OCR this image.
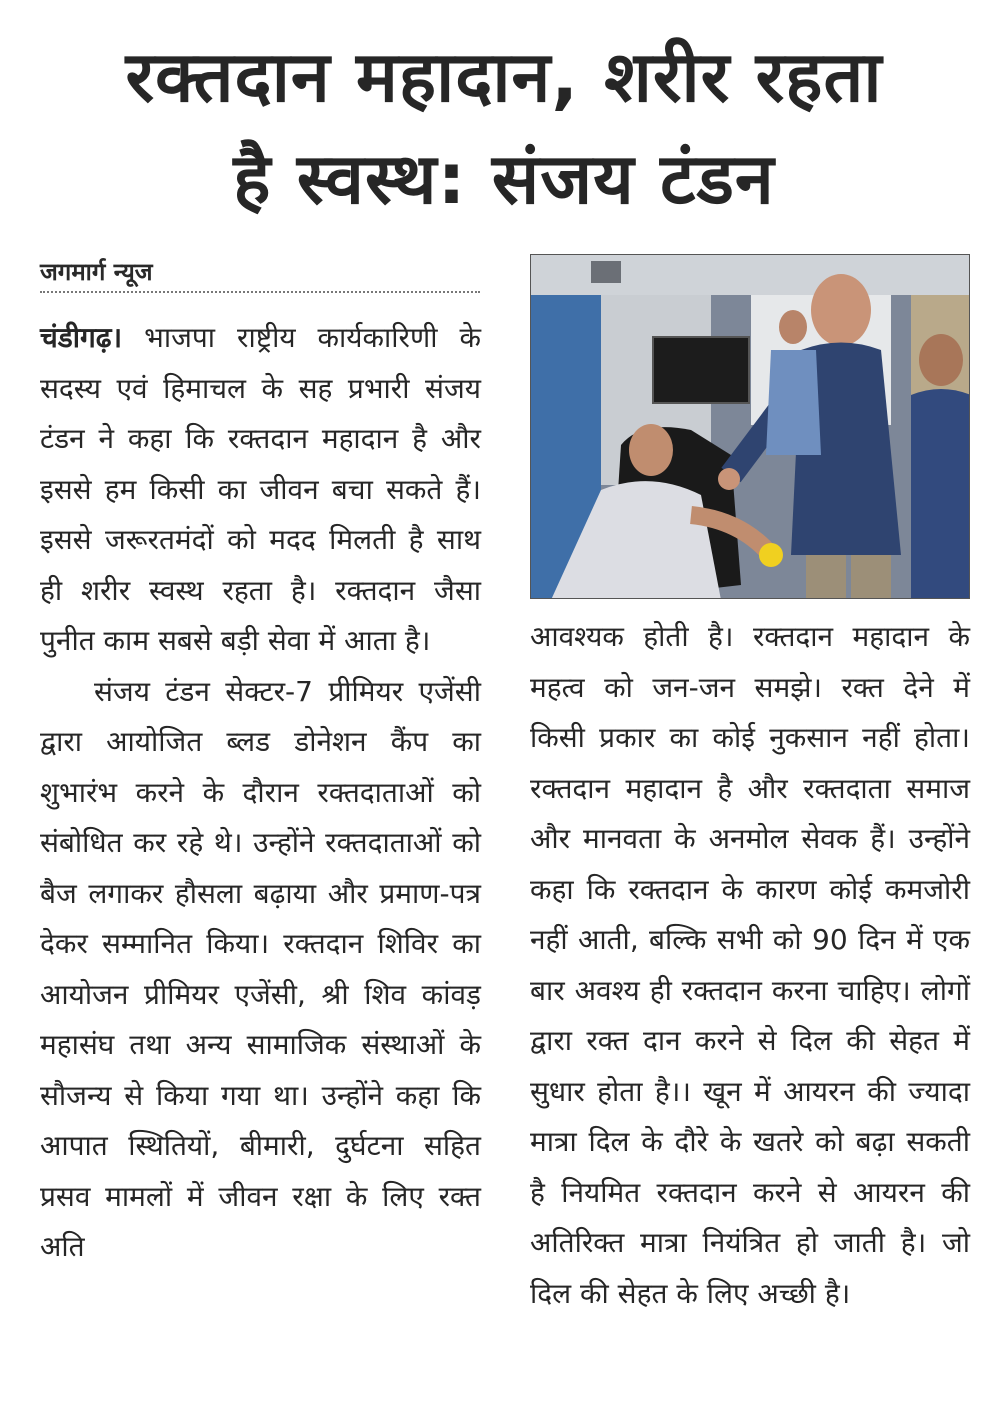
रक्तदान महादान, शरीर रहता
है स्वस्थ: संजय टंडन
जगमार्ग न्यूज

चंडीगढ़। भाजपा राष्ट्रीय कार्यकारिणी के सदस्य एवं हिमाचल के सह प्रभारी संजय टंडन ने कहा कि रक्तदान महादान है और इससे हम किसी का जीवन बचा सकते हैं। इससे जरूरतमंदों को मदद मिलती है साथ ही शरीर स्वस्थ रहता है। रक्तदान जैसा पुनीत काम सबसे बड़ी सेवा में आता है।

संजय टंडन सेक्टर-7 प्रीमियर एजेंसी द्वारा आयोजित ब्लड डोनेशन कैंप का शुभारंभ करने के दौरान रक्तदाताओं को संबोधित कर रहे थे। उन्होंने रक्तदाताओं को बैज लगाकर हौसला बढ़ाया और प्रमाण-पत्र देकर सम्मानित किया। रक्तदान शिविर का आयोजन प्रीमियर एजेंसी, श्री शिव कांवड़ महासंघ तथा अन्य सामाजिक संस्थाओं के सौजन्य से किया गया था। उन्होंने कहा कि आपात स्थितियों, बीमारी, दुर्घटना सहित प्रसव मामलों में जीवन रक्षा के लिए रक्त अति

आवश्यक होती है। रक्तदान महादान के महत्व को जन-जन समझे। रक्त देने में किसी प्रकार का कोई नुकसान नहीं होता। रक्तदान महादान है और रक्तदाता समाज और मानवता के अनमोल सेवक हैं। उन्होंने कहा कि रक्तदान के कारण कोई कमजोरी नहीं आती, बल्कि सभी को 90 दिन में एक बार अवश्य ही रक्तदान करना चाहिए। लोगों द्वारा रक्त दान करने से दिल की सेहत में सुधार होता है।। खून में आयरन की ज्यादा मात्रा दिल के दौरे के खतरे को बढ़ा सकती है नियमित रक्तदान करने से आयरन की अतिरिक्त मात्रा नियंत्रित हो जाती है। जो दिल की सेहत के लिए अच्छी है।
